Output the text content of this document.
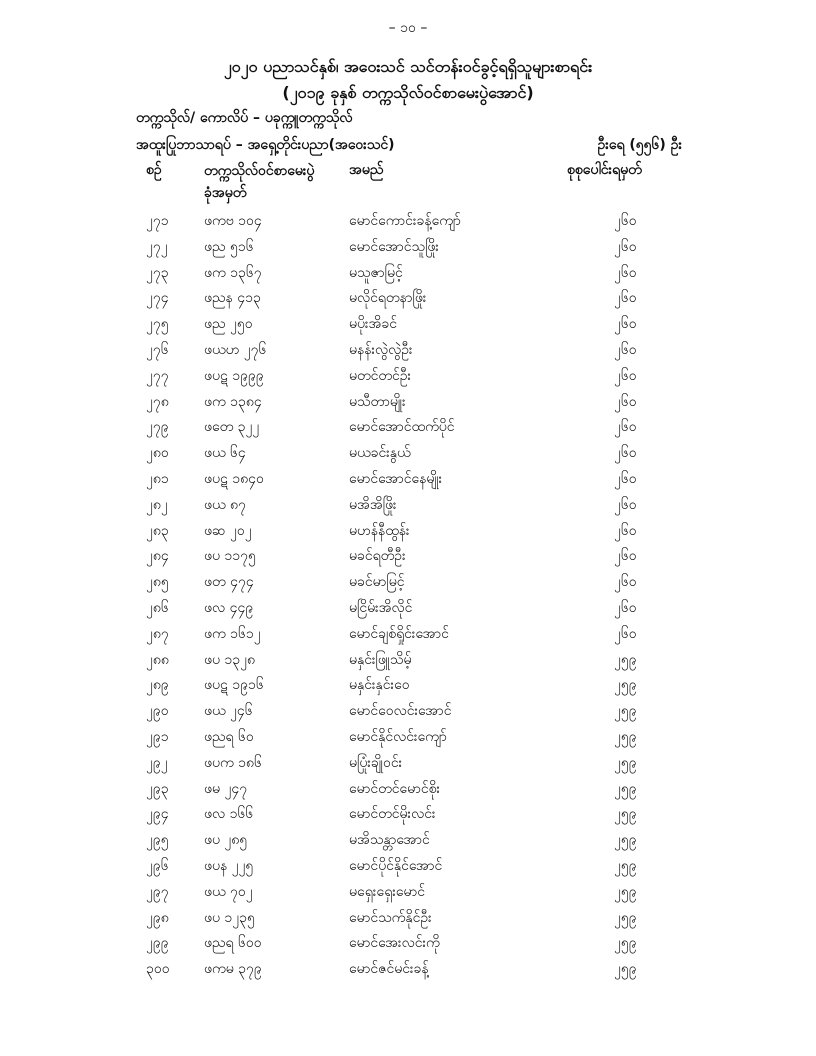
– ၁၀ –
၂၀၂၀ ပညာသင်နှစ်၊ အဝေးသင် သင်တန်းဝင်ခွင့်ရရှိသူများစာရင်း
(၂၀၁၉ ခုနှစ် တက္ကသိုလ်ဝင်စာမေးပွဲအောင်)
တက္ကသိုလ်/ ကောလိပ် – ပခုက္ကူတက္ကသိုလ်
အထူးပြုဘာသာရပ် – အရှေ့တိုင်းပညာ(အဝေးသင်)	ဦးရေ (၅၅၆) ဦး
စဉ်	တက္ကသိုလ်ဝင်စာမေးပွဲ
ခုံအမှတ်
အမည်	စုစုပေါင်းရမှတ်
၂၇၁	ဖကဗ ၁၀၄	မောင်ကောင်းခန့်ကျော်	၂၆၀
၂၇၂	ဖည ၅၁၆	မောင်အောင်သူဖြိုး	၂၆၀
၂၇၃	ဖက ၁၃၆၇	မသူဇာမြင့်	၂၆၀
၂၇၄	ဖညန ၄၁၃	မလိုင်ရတနာဖြိုး	၂၆၀
၂၇၅	ဖည ၂၅၀	မပိုးအိခင်	၂၆၀
၂၇၆	ဖယဟ ၂၇၆	မနန်းလွဲလွဲဦး	၂၆၀
၂၇၇	ဖပဋ ၁၉၉၉	မတင်တင်ဦး	၂၆၀
၂၇၈	ဖက ၁၃၈၄	မသီတာမျိုး	၂၆၀
၂၇၉	ဖတေ ၃၂၂	မောင်အောင်ထက်ပိုင်	၂၆၀
၂၈၀	ဖယ ၆၄	မယခင်းနွယ်	၂၆၀
၂၈၁	ဖပဋ ၁၈၄၀	မောင်အောင်နေမျိုး	၂၆၀
၂၈၂	ဖယ ၈၇	မအိအိဖြိုး	၂၆၀
၂၈၃	ဖဆ ၂၀၂	မဟန်နီထွန်း	၂၆၀
၂၈၄	ဖပ ၁၁၇၅	မခင်ရတီဦး	၂၆၀
၂၈၅	ဖတ ၄၇၄	မခင်မာမြင့်	၂၆၀
၂၈၆	ဖလ ၄၄၉	မငြိမ်းအိလိုင်	၂၆၀
၂၈၇	ဖက ၁၆၁၂	မောင်ချစ်ရှိုင်းအောင်	၂၆၀
၂၈၈	ဖပ ၁၃၂၈	မနှင်းဖြူသိမ့်	၂၅၉
၂၈၉	ဖပဋ ၁၉၁၆	မနှင်းနှင်းဝေ	၂၅၉
၂၉၀	ဖယ ၂၄၆	မောင်ဝေလင်းအောင်	၂၅၉
၂၉၁	ဖညရ ၆၀	မောင်နိုင်လင်းကျော်	၂၅၉
၂၉၂	ဖပက ၁၈၆	မပြုံးချိုဝင်း	၂၅၉
၂၉၃	ဖမ ၂၄၇	မောင်တင်မောင်စိုး	၂၅၉
၂၉၄	ဖလ ၁၆၆	မောင်တင်မိုးလင်း	၂၅၉
၂၉၅	ဖပ ၂၈၅	မအိသန္တာအောင်	၂၅၉
၂၉၆	ဖပန ၂၂၅	မောင်ပိုင်နိုင်အောင်	၂၅၉
၂၉၇	ဖယ ၇၀၂	မရှေးရှေးမောင်	၂၅၉
၂၉၈	ဖပ ၁၂၃၅	မောင်သက်နိုင်ဦး	၂၅၉
၂၉၉	ဖညရ ၆၀၀	မောင်အေးလင်းကို	၂၅၉
၃၀၀ ဖကမ ၃၇၉	မောင်ဇင်မင်းခန့်	၂၅၉
